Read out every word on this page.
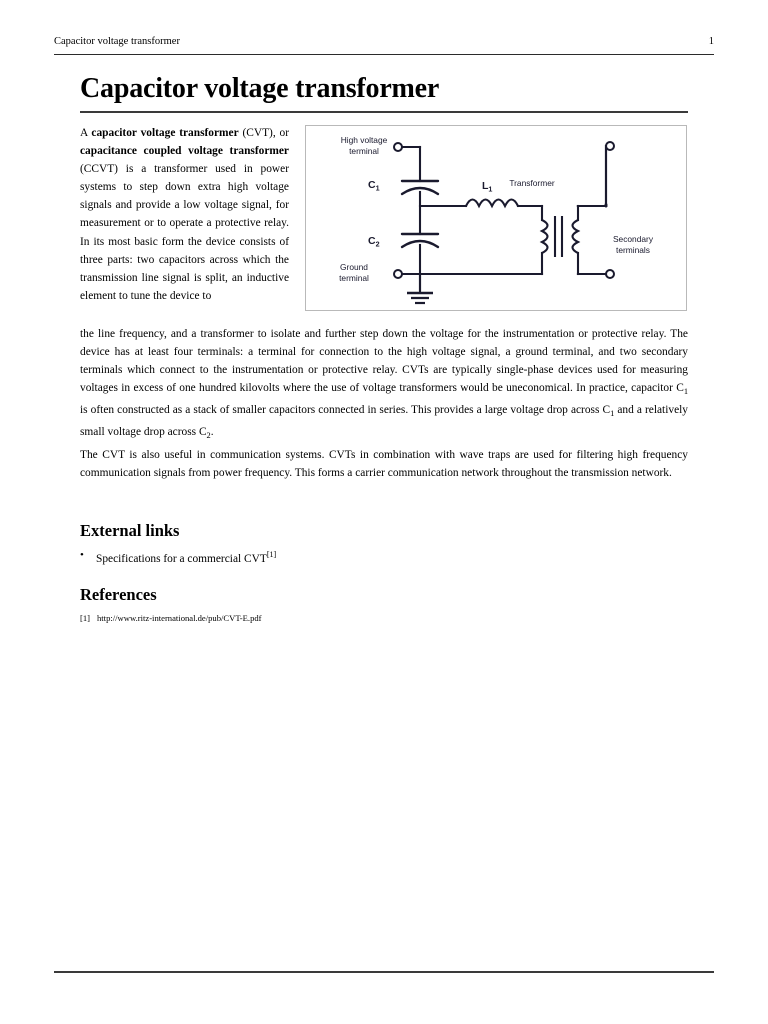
Capacitor voltage transformer	1
Capacitor voltage transformer
High voltage
terminal
Ground
terminal
Secondary
terminals
Transformer
$C_1$
$C_2$
$L_1$
A capacitor voltage transformer (CVT), or capacitance coupled voltage transformer (CCVT) is a transformer used in power systems to step down extra high voltage signals and provide a low voltage signal, for measurement or to operate a protective relay. In its most basic form the device consists of three parts: two capacitors across which the transmission line signal is split, an inductive element to tune the device to
the line frequency, and a transformer to isolate and further step down the voltage for the instrumentation or protective relay. The device has at least four terminals: a terminal for connection to the high voltage signal, a ground terminal, and two secondary terminals which connect to the instrumentation or protective relay. CVTs are typically single-phase devices used for measuring voltages in excess of one hundred kilovolts where the use of voltage transformers would be uneconomical. In practice, capacitor $C_1$ is often constructed as a stack of smaller capacitors connected in series. This provides a large voltage drop across $C_1$ and a relatively small voltage drop across $C_2$.
The CVT is also useful in communication systems. CVTs in combination with wave traps are used for filtering high frequency communication signals from power frequency. This forms a carrier communication network throughout the transmission network.
External links
• Specifications for a commercial CVT[1]
References
[1] http://www.ritz-international.de/pub/CVT-E.pdf
